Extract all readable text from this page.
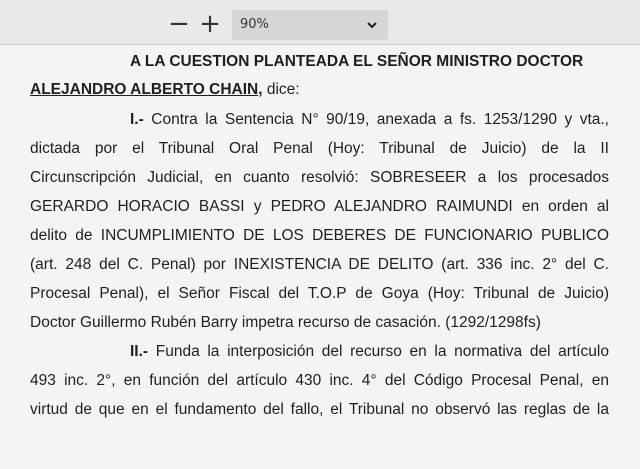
− + 90%
A LA CUESTION PLANTEADA EL SEÑOR MINISTRO DOCTOR
ALEJANDRO ALBERTO CHAIN, dice:
I.- Contra la Sentencia N° 90/19, anexada a fs. 1253/1290 y vta.,
dictada por el Tribunal Oral Penal (Hoy: Tribunal de Juicio) de la II
Circunscripción Judicial, en cuanto resolvió: SOBRESEER a los procesados
GERARDO HORACIO BASSI y PEDRO ALEJANDRO RAIMUNDI en orden al
delito de INCUMPLIMIENTO DE LOS DEBERES DE FUNCIONARIO PUBLICO
(art. 248 del C. Penal) por INEXISTENCIA DE DELITO (art. 336 inc. 2° del C.
Procesal Penal), el Señor Fiscal del T.O.P de Goya (Hoy: Tribunal de Juicio)
Doctor Guillermo Rubén Barry impetra recurso de casación. (1292/1298fs)
II.- Funda la interposición del recurso en la normativa del artículo
493 inc. 2°, en función del artículo 430 inc. 4° del Código Procesal Penal, en
virtud de que en el fundamento del fallo, el Tribunal no observó las reglas de la
